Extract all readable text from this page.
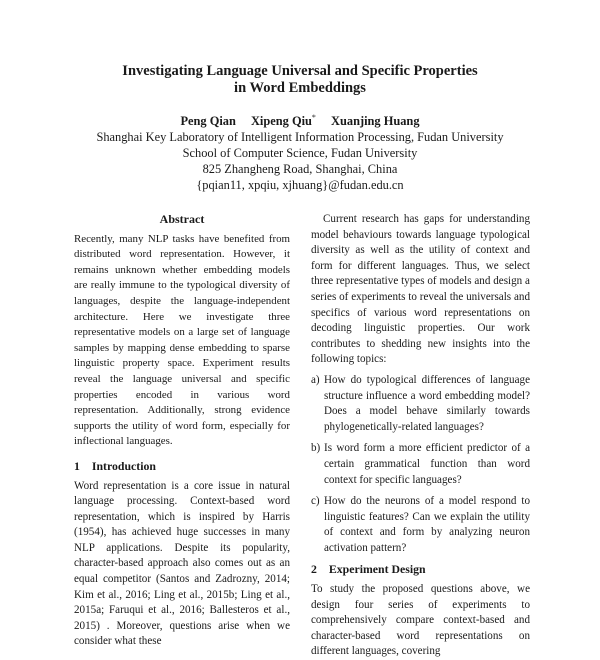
Investigating Language Universal and Specific Properties
in Word Embeddings
Peng Qian Xipeng Qiu* Xuanjing Huang
Shanghai Key Laboratory of Intelligent Information Processing, Fudan University
School of Computer Science, Fudan University
825 Zhangheng Road, Shanghai, China
{pqian11, xpqiu, xjhuang}@fudan.edu.cn
Abstract

Recently, many NLP tasks have benefited from distributed word representation. However, it remains unknown whether embedding models are really immune to the typological diversity of languages, despite the language-independent architecture. Here we investigate three representative models on a large set of language samples by mapping dense embedding to sparse linguistic property space. Experiment results reveal the language universal and specific properties encoded in various word representation. Additionally, strong evidence supports the utility of word form, especially for inflectional languages.

1 Introduction

Word representation is a core issue in natural language processing. Context-based word representation, which is inspired by Harris (1954), has achieved huge successes in many NLP applications. Despite its popularity, character-based approach also comes out as an equal competitor (Santos and Zadrozny, 2014; Kim et al., 2016; Ling et al., 2015b; Ling et al., 2015a; Faruqui et al., 2016; Ballesteros et al., 2015) . Moreover, questions arise when we consider what these

Current research has gaps for understanding model behaviours towards language typological diversity as well as the utility of context and form for different languages. Thus, we select three representative types of models and design a series of experiments to reveal the universals and specifics of various word representations on decoding linguistic properties. Our work contributes to shedding new insights into the following topics:

a) How do typological differences of language structure influence a word embedding model? Does a model behave similarly towards phylogenetically-related languages?
b) Is word form a more efficient predictor of a certain grammatical function than word context for specific languages?
c) How do the neurons of a model respond to linguistic features? Can we explain the utility of context and form by analyzing neuron activation pattern?
2 Experiment Design

To study the proposed questions above, we design four series of experiments to comprehensively compare context-based and character-based word representations on different languages, covering
